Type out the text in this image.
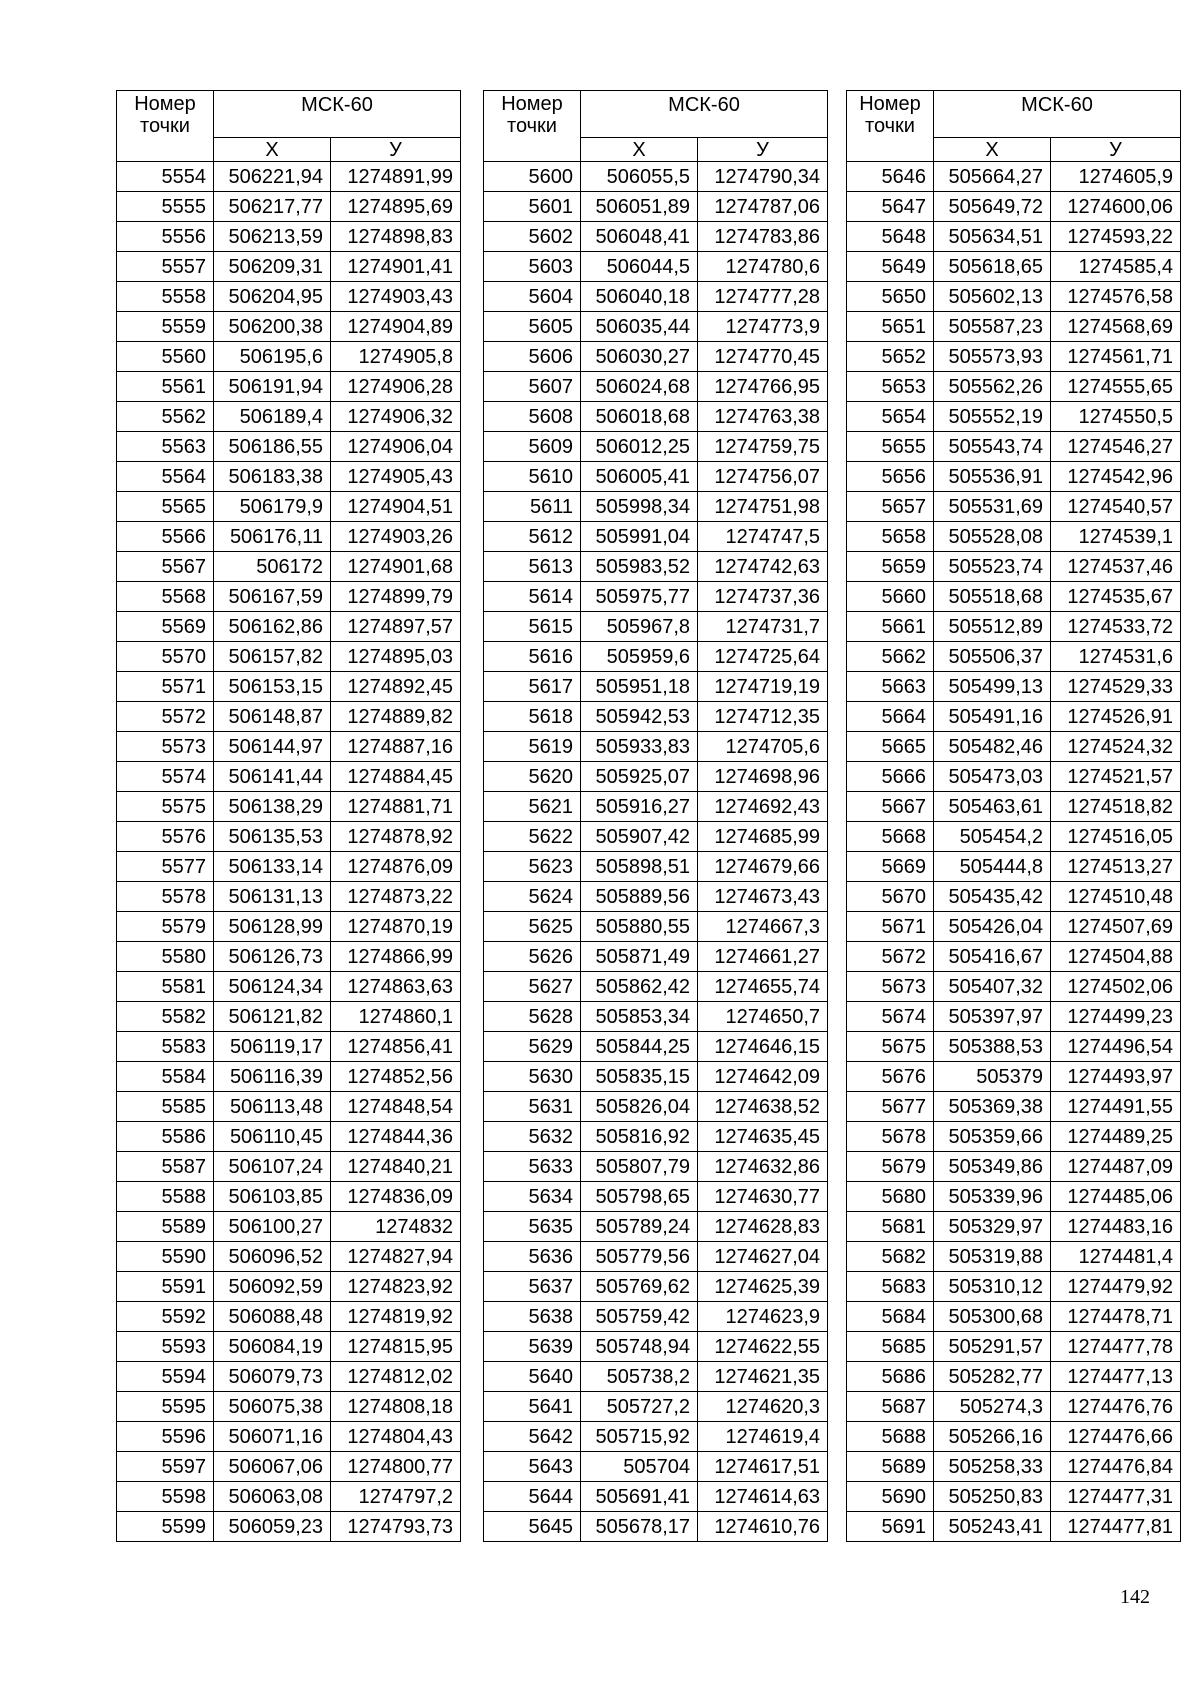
Номер точки	МСК-60	
	Х	У
5554	506221,94	1274891,99
5555	506217,77	1274895,69
5556	506213,59	1274898,83
5557	506209,31	1274901,41
5558	506204,95	1274903,43
5559	506200,38	1274904,89
5560	506195,6	1274905,8
5561	506191,94	1274906,28
5562	506189,4	1274906,32
5563	506186,55	1274906,04
5564	506183,38	1274905,43
5565	506179,9	1274904,51
5566	506176,11	1274903,26
5567	506172	1274901,68
5568	506167,59	1274899,79
5569	506162,86	1274897,57
5570	506157,82	1274895,03
5571	506153,15	1274892,45
5572	506148,87	1274889,82
5573	506144,97	1274887,16
5574	506141,44	1274884,45
5575	506138,29	1274881,71
5576	506135,53	1274878,92
5577	506133,14	1274876,09
5578	506131,13	1274873,22
5579	506128,99	1274870,19
5580	506126,73	1274866,99
5581	506124,34	1274863,63
5582	506121,82	1274860,1
5583	506119,17	1274856,41
5584	506116,39	1274852,56
5585	506113,48	1274848,54
5586	506110,45	1274844,36
5587	506107,24	1274840,21
5588	506103,85	1274836,09
5589	506100,27	1274832
5590	506096,52	1274827,94
5591	506092,59	1274823,92
5592	506088,48	1274819,92
5593	506084,19	1274815,95
5594	506079,73	1274812,02
5595	506075,38	1274808,18
5596	506071,16	1274804,43
5597	506067,06	1274800,77
5598	506063,08	1274797,2
5599	506059,23	1274793,73
Номер точки	МСК-60	
	Х	У
5600	506055,5	1274790,34
5601	506051,89	1274787,06
5602	506048,41	1274783,86
5603	506044,5	1274780,6
5604	506040,18	1274777,28
5605	506035,44	1274773,9
5606	506030,27	1274770,45
5607	506024,68	1274766,95
5608	506018,68	1274763,38
5609	506012,25	1274759,75
5610	506005,41	1274756,07
5611	505998,34	1274751,98
5612	505991,04	1274747,5
5613	505983,52	1274742,63
5614	505975,77	1274737,36
5615	505967,8	1274731,7
5616	505959,6	1274725,64
5617	505951,18	1274719,19
5618	505942,53	1274712,35
5619	505933,83	1274705,6
5620	505925,07	1274698,96
5621	505916,27	1274692,43
5622	505907,42	1274685,99
5623	505898,51	1274679,66
5624	505889,56	1274673,43
5625	505880,55	1274667,3
5626	505871,49	1274661,27
5627	505862,42	1274655,74
5628	505853,34	1274650,7
5629	505844,25	1274646,15
5630	505835,15	1274642,09
5631	505826,04	1274638,52
5632	505816,92	1274635,45
5633	505807,79	1274632,86
5634	505798,65	1274630,77
5635	505789,24	1274628,83
5636	505779,56	1274627,04
5637	505769,62	1274625,39
5638	505759,42	1274623,9
5639	505748,94	1274622,55
5640	505738,2	1274621,35
5641	505727,2	1274620,3
5642	505715,92	1274619,4
5643	505704	1274617,51
5644	505691,41	1274614,63
5645	505678,17	1274610,76
Номер точки	МСК-60	
	Х	У
5646	505664,27	1274605,9
5647	505649,72	1274600,06
5648	505634,51	1274593,22
5649	505618,65	1274585,4
5650	505602,13	1274576,58
5651	505587,23	1274568,69
5652	505573,93	1274561,71
5653	505562,26	1274555,65
5654	505552,19	1274550,5
5655	505543,74	1274546,27
5656	505536,91	1274542,96
5657	505531,69	1274540,57
5658	505528,08	1274539,1
5659	505523,74	1274537,46
5660	505518,68	1274535,67
5661	505512,89	1274533,72
5662	505506,37	1274531,6
5663	505499,13	1274529,33
5664	505491,16	1274526,91
5665	505482,46	1274524,32
5666	505473,03	1274521,57
5667	505463,61	1274518,82
5668	505454,2	1274516,05
5669	505444,8	1274513,27
5670	505435,42	1274510,48
5671	505426,04	1274507,69
5672	505416,67	1274504,88
5673	505407,32	1274502,06
5674	505397,97	1274499,23
5675	505388,53	1274496,54
5676	505379	1274493,97
5677	505369,38	1274491,55
5678	505359,66	1274489,25
5679	505349,86	1274487,09
5680	505339,96	1274485,06
5681	505329,97	1274483,16
5682	505319,88	1274481,4
5683	505310,12	1274479,92
5684	505300,68	1274478,71
5685	505291,57	1274477,78
5686	505282,77	1274477,13
5687	505274,3	1274476,76
5688	505266,16	1274476,66
5689	505258,33	1274476,84
5690	505250,83	1274477,31
5691	505243,41	1274477,81
142
